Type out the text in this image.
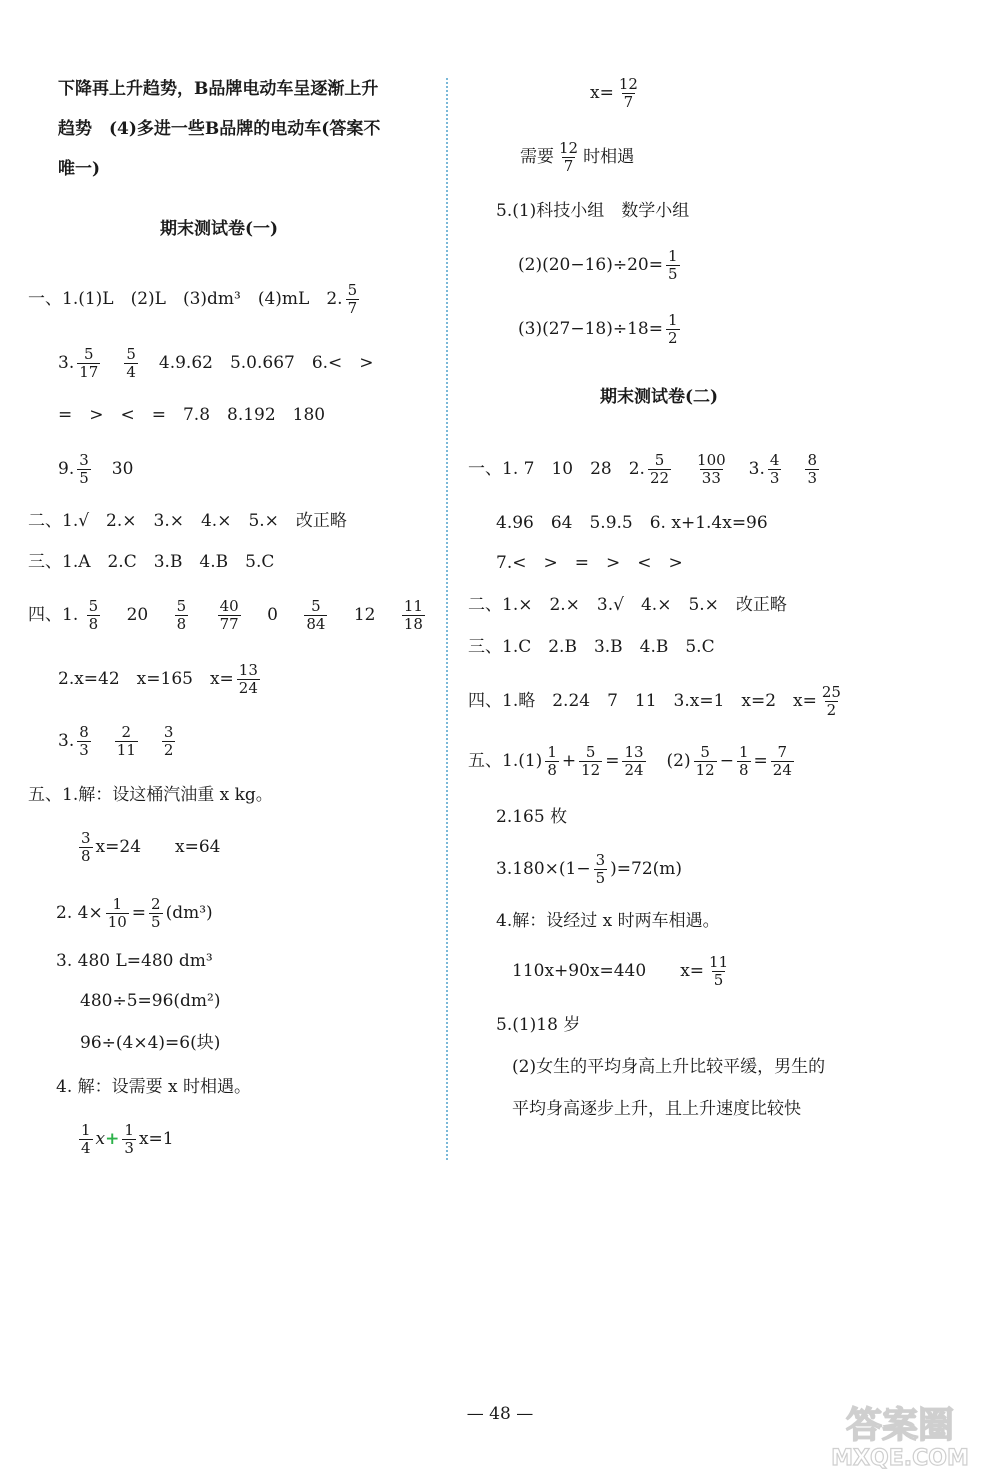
下降再上升趋势，B品牌电动车呈逐渐上升
趋势　(4)多进一些B品牌的电动车(答案不
唯一)
期末测试卷(一)
一、1.(1)L　(2)L　(3)dm³　(4)mL　2. $\frac{5}{7}$
3. $\frac{5}{17} \frac{5}{4} 4.9.62$　5.0.667　6.<　>
=　>　<　=　7.8　8.192　180
9. $\frac{3}{5} 30$
二、1.√　2.×　3.×　4.×　5.×　改正略
三、1.A　2.C　3.B　4.B　5.C
四、1. $\frac{5}{8} 20 \frac{5}{8}$
$\frac{40}{77} 0 \frac{5}{84} 12 \frac{11}{18}$
2.x=42　x=165　$x= \frac{13}{24}$
3. $\frac{8}{3} \frac{2}{11} \frac{3}{2}$
五、1.解：设这桶汽油重 x kg。
$\frac{3}{8} x=24$　　x=64
2. $4\times \frac{1}{10} = \frac{2}{5} (dm^3)$
3. 480 L=480 dm³
480÷5=96(dm²)
96÷(4×4)=6(块)
4. 解：设需要 x 时相遇。
$\frac{1}{4} x+ \frac{1}{3} x=1$
$x= \frac{12}{7}$
需要 $\frac{12}{7}$ 时相遇
5.(1)科技小组　数学小组
$(2)(20-16)\div 20= \frac{1}{5}$
$(3)(27-18)\div 18= \frac{1}{2}$
期末测试卷(二)
一、1. 7　10　28　2. $\frac{5}{22} \frac{100}{33} 3$. $\frac{4}{3} \frac{8}{3}$
4.96　64　5.9.5　6. x+1.4x=96
7.<　>　=　>　<　>
二、1.×　2.×　3.√　4.×　5.×　改正略
三、1.C　2.B　3.B　4.B　5.C
四、1.略　2.24　7　11　3.x=1　x=2　$x= \frac{25}{2}$
五、$1.(1) \frac{1}{8} + \frac{5}{12} = \frac{13}{24} (2) \frac{5}{12} - \frac{1}{8} = \frac{7}{24}$
2.165 枚
$3.180\times(1- \frac{3}{5} )=72(m)$
4.解：设经过 x 时两车相遇。
110x+90x=440　　$x= \frac{11}{5}$
5.(1)18 岁
(2)女生的平均身高上升比较平缓，男生的
平均身高逐步上升，且上升速度比较快
— 48 —	答案圈
MXQE.COM
